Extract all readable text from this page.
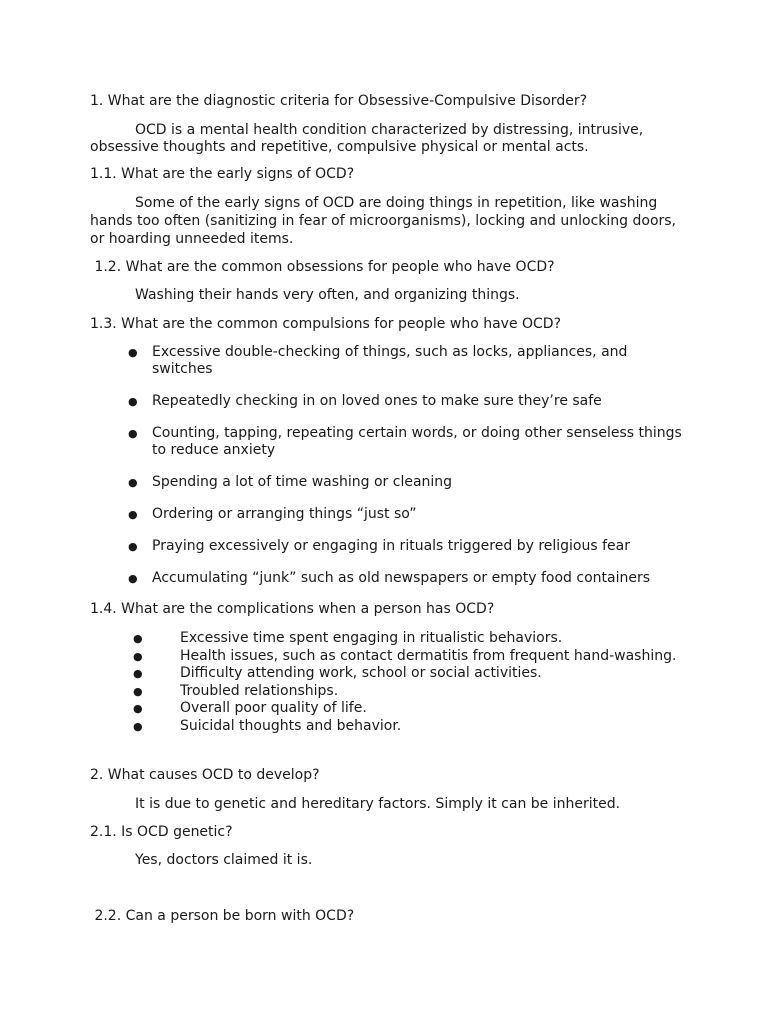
1. What are the diagnostic criteria for Obsessive-Compulsive Disorder?
OCD is a mental health condition characterized by distressing, intrusive,
obsessive thoughts and repetitive, compulsive physical or mental acts.
1.1. What are the early signs of OCD?
Some of the early signs of OCD are doing things in repetition, like washing
hands too often (sanitizing in fear of microorganisms), locking and unlocking doors,
or hoarding unneeded items.
1.2. What are the common obsessions for people who have OCD?
Washing their hands very often, and organizing things.
1.3. What are the common compulsions for people who have OCD?
● Excessive double-checking of things, such as locks, appliances, and
switches
● Repeatedly checking in on loved ones to make sure they’re safe
● Counting, tapping, repeating certain words, or doing other senseless things
to reduce anxiety
● Spending a lot of time washing or cleaning
● Ordering or arranging things “just so”
● Praying excessively or engaging in rituals triggered by religious fear
● Accumulating “junk” such as old newspapers or empty food containers
1.4. What are the complications when a person has OCD?
●	Excessive time spent engaging in ritualistic behaviors.
●	Health issues, such as contact dermatitis from frequent hand-washing.
●	Difficulty attending work, school or social activities.
●	Troubled relationships.
●	Overall poor quality of life.
●	Suicidal thoughts and behavior.
2. What causes OCD to develop?
It is due to genetic and hereditary factors. Simply it can be inherited.
2.1. Is OCD genetic?
Yes, doctors claimed it is.
2.2. Can a person be born with OCD?
